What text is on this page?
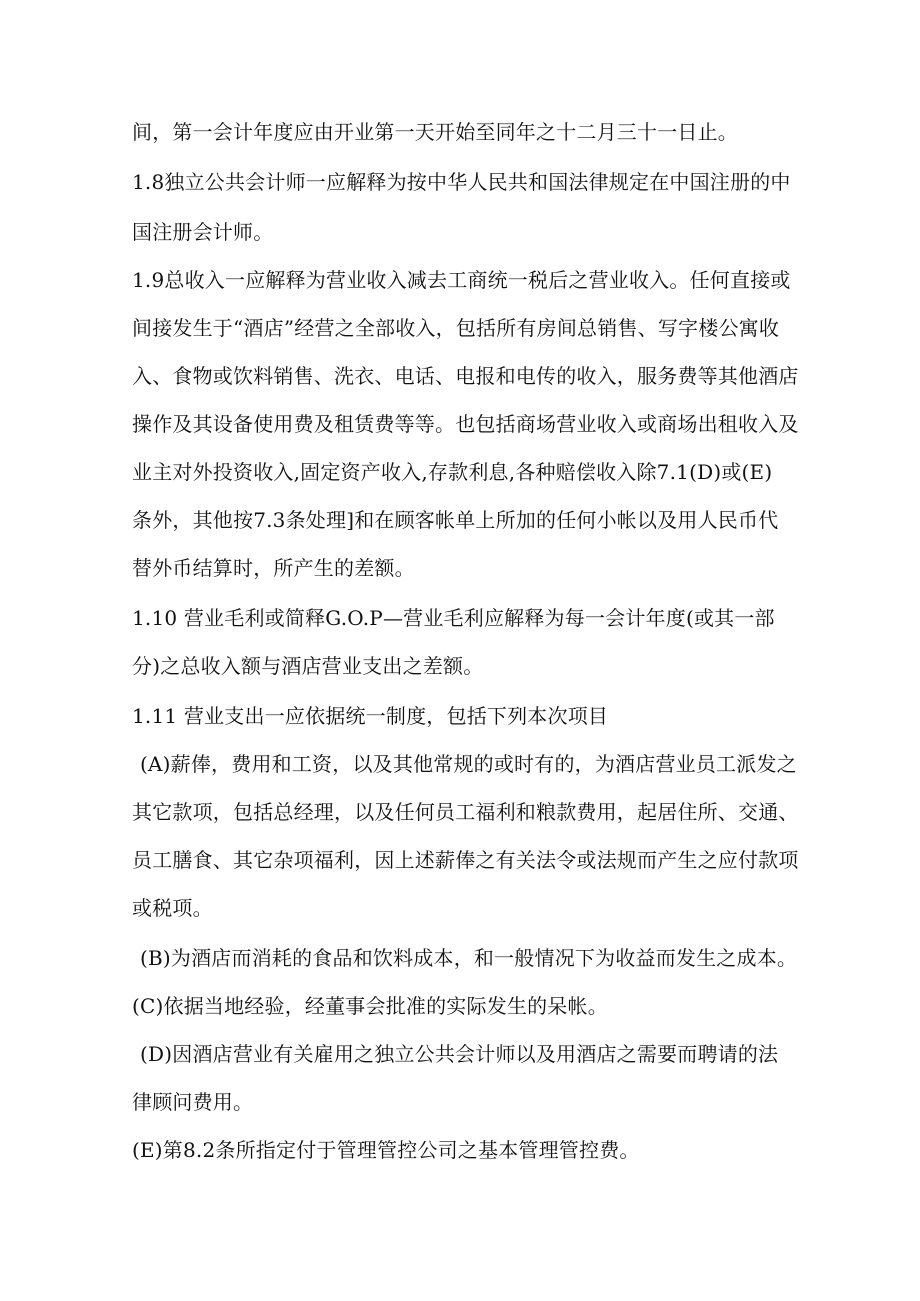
间，第一会计年度应由开业第一天开始至同年之十二月三十一日止。
1.8独立公共会计师一应解释为按中华人民共和国法律规定在中国注册的中
国注册会计师。
1.9总收入一应解释为营业收入减去工商统一税后之营业收入。任何直接或
间接发生于“酒店”经营之全部收入，包括所有房间总销售、写字楼公寓收
入、食物或饮料销售、洗衣、电话、电报和电传的收入，服务费等其他酒店
操作及其设备使用费及租赁费等等。也包括商场营业收入或商场出租收入及
业主对外投资收入,固定资产收入,存款利息,各种赔偿收入除7.1(D)或(E)
条外，其他按7.3条处理]和在顾客帐单上所加的任何小帐以及用人民币代
替外币结算时，所产生的差额。
1.10 营业毛利或简释G.O.P—营业毛利应解释为每一会计年度(或其一部
分)之总收入额与酒店营业支出之差额。
1.11 营业支出一应依据统一制度，包括下列本次项目
(A)薪俸，费用和工资，以及其他常规的或时有的，为酒店营业员工派发之
其它款项，包括总经理，以及任何员工福利和粮款费用，起居住所、交通、
员工膳食、其它杂项福利，因上述薪俸之有关法令或法规而产生之应付款项
或税项。
(B)为酒店而消耗的食品和饮料成本，和一般情况下为收益而发生之成本。
(C)依据当地经验，经董事会批准的实际发生的呆帐。
(D)因酒店营业有关雇用之独立公共会计师以及用酒店之需要而聘请的法
律顾问费用。
(E)第8.2条所指定付于管理管控公司之基本管理管控费。
